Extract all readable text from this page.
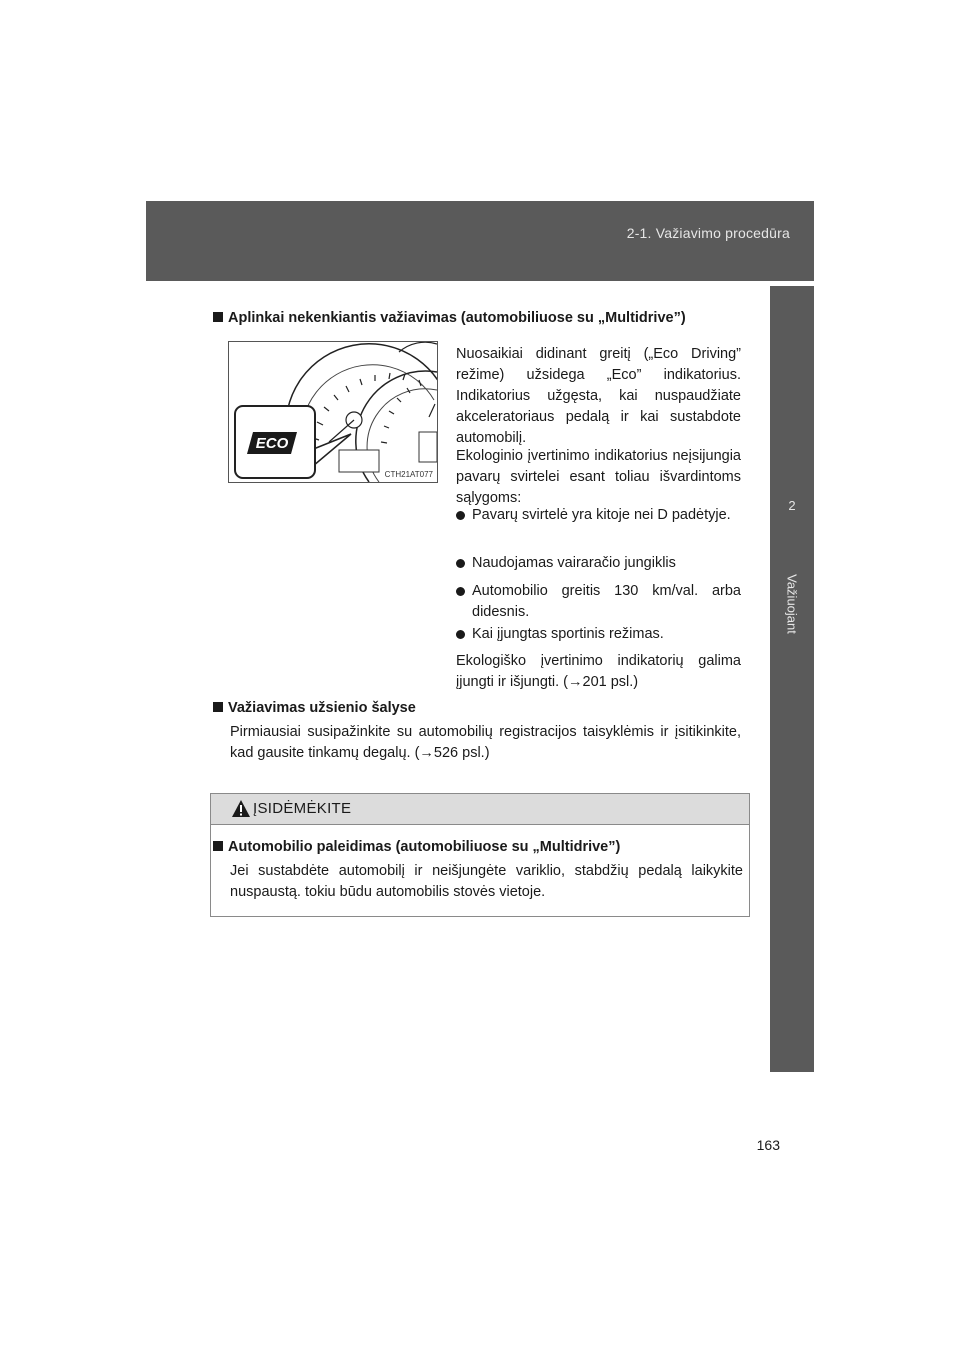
2-1. Važiavimo procedūra
2
Važiuojant
Aplinkai nekenkiantis važiavimas (automobiliuose su „Multidrive”)
ECO
CTH21AT077
Nuosaikiai didinant greitį („Eco Driving” režime) užsidega „Eco” indikatorius. Indikatorius užgęsta, kai nuspaudžiate akceleratoriaus pedalą ir kai sustabdote automobilį.
Ekologinio įvertinimo indikatorius neįsijungia pavarų svirtelei esant toliau išvardintoms sąlygoms:
Pavarų svirtelė yra kitoje nei D padėtyje.
Naudojamas vairaračio jungiklis
Automobilio greitis 130 km/val. arba didesnis.
Kai įjungtas sportinis režimas.
Ekologiško įvertinimo indikatorių galima įjungti ir išjungti. (→201 psl.)
Važiavimas užsienio šalyse
Pirmiausiai susipažinkite su automobilių registracijos taisyklėmis ir įsitikinkite, kad gausite tinkamų degalų. (→526 psl.)
ĮSIDĖMĖKITE
Automobilio paleidimas (automobiliuose su „Multidrive”)
Jei sustabdėte automobilį ir neišjungėte variklio, stabdžių pedalą laikykite nuspaustą. tokiu būdu automobilis stovės vietoje.
163
